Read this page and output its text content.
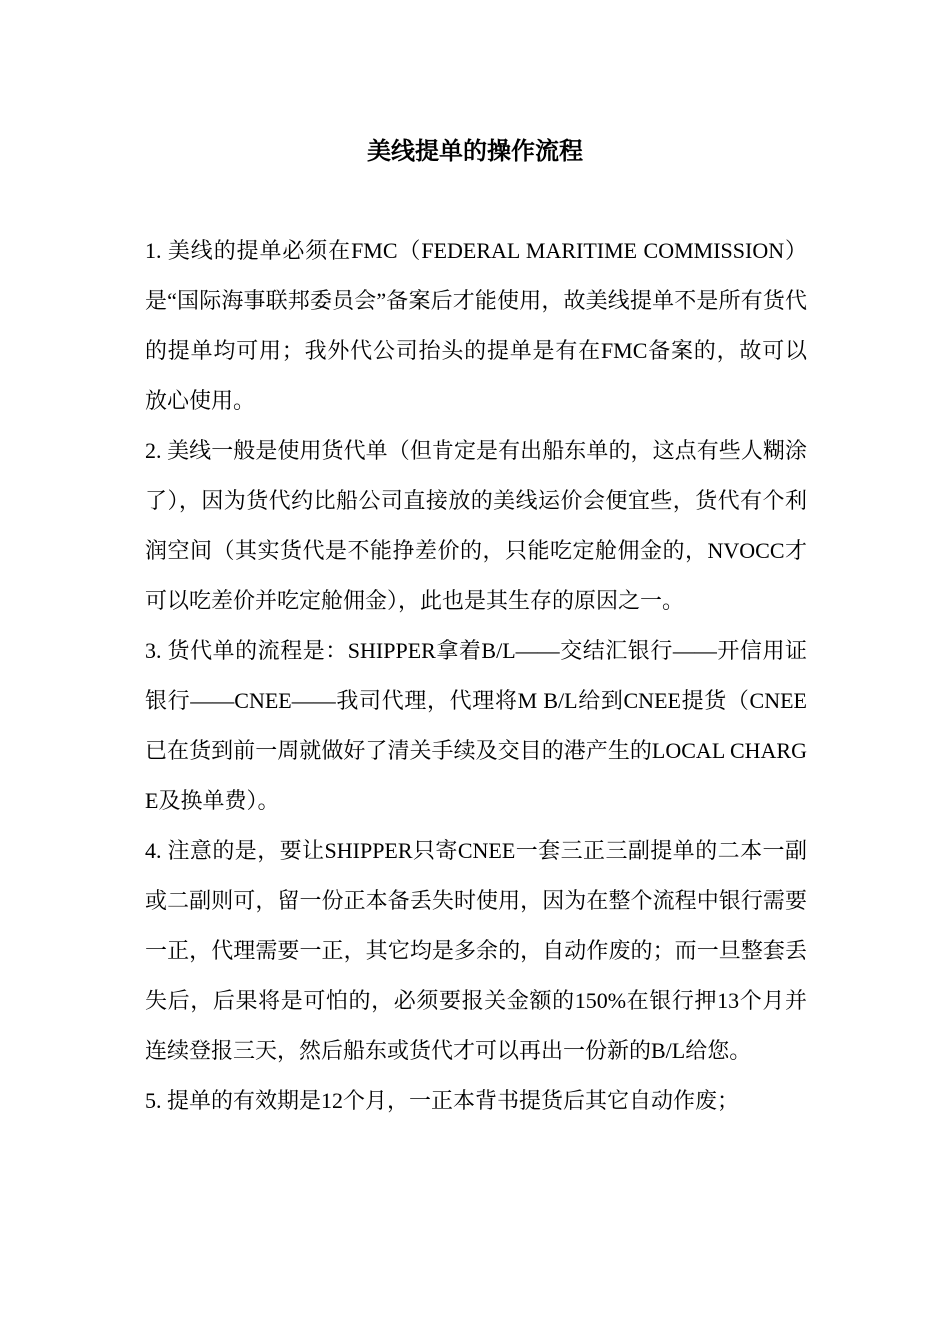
美线提单的操作流程

1. 美线的提单必须在FMC（FEDERAL MARITIME COMMISSION）是“国际海事联邦委员会”备案后才能使用，故美线提单不是所有货代的提单均可用；我外代公司抬头的提单是有在FMC备案的，故可以放心使用。

2. 美线一般是使用货代单（但肯定是有出船东单的，这点有些人糊涂了），因为货代约比船公司直接放的美线运价会便宜些，货代有个利润空间（其实货代是不能挣差价的，只能吃定舱佣金的，NVOCC才可以吃差价并吃定舱佣金），此也是其生存的原因之一。

3. 货代单的流程是：SHIPPER拿着B/L——交结汇银行——开信用证银行——CNEE——我司代理，代理将M B/L给到CNEE提货（CNEE已在货到前一周就做好了清关手续及交目的港产生的LOCAL CHARGE及换单费）。

4. 注意的是，要让SHIPPER只寄CNEE一套三正三副提单的二本一副或二副则可，留一份正本备丢失时使用，因为在整个流程中银行需要一正，代理需要一正，其它均是多余的，自动作废的；而一旦整套丢失后，后果将是可怕的，必须要报关金额的150%在银行押13个月并连续登报三天，然后船东或货代才可以再出一份新的B/L给您。

5. 提单的有效期是12个月，一正本背书提货后其它自动作废；
